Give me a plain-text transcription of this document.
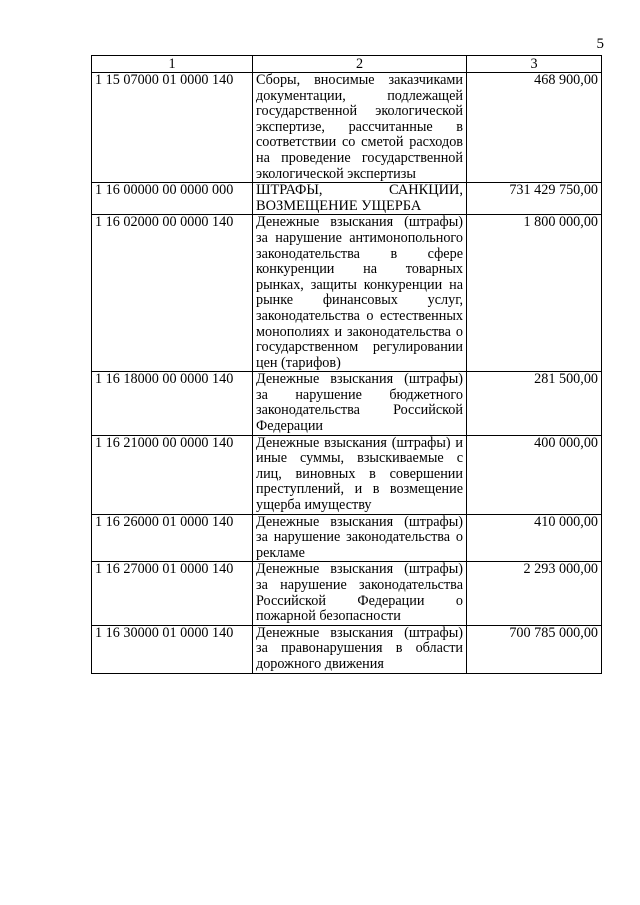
5
1	2	3
1 15 07000 01 0000 140	Сборы, вносимые заказчиками документации, подлежащей государственной экологической экспертизе, рассчитанные в соответствии со сметой расходов на проведение государственной экологической экспертизы	468 900,00
1 16 00000 00 0000 000	ШТРАФЫ, САНКЦИИ, ВОЗМЕЩЕНИЕ УЩЕРБА	731 429 750,00
1 16 02000 00 0000 140	Денежные взыскания (штрафы) за нарушение антимонопольного законодательства в сфере конкуренции на товарных рынках, защиты конкуренции на рынке финансовых услуг, законодательства о естественных монополиях и законодательства о государственном регулировании цен (тарифов)	1 800 000,00
1 16 18000 00 0000 140	Денежные взыскания (штрафы) за нарушение бюджетного законодательства Российской Федерации	281 500,00
1 16 21000 00 0000 140	Денежные взыскания (штрафы) и иные суммы, взыскиваемые с лиц, виновных в совершении преступлений, и в возмещение ущерба имуществу	400 000,00
1 16 26000 01 0000 140	Денежные взыскания (штрафы) за нарушение законодательства о рекламе	410 000,00
1 16 27000 01 0000 140	Денежные взыскания (штрафы) за нарушение законодательства Российской Федерации о пожарной безопасности	2 293 000,00
1 16 30000 01 0000 140	Денежные взыскания (штрафы) за правонарушения в области дорожного движения	700 785 000,00
